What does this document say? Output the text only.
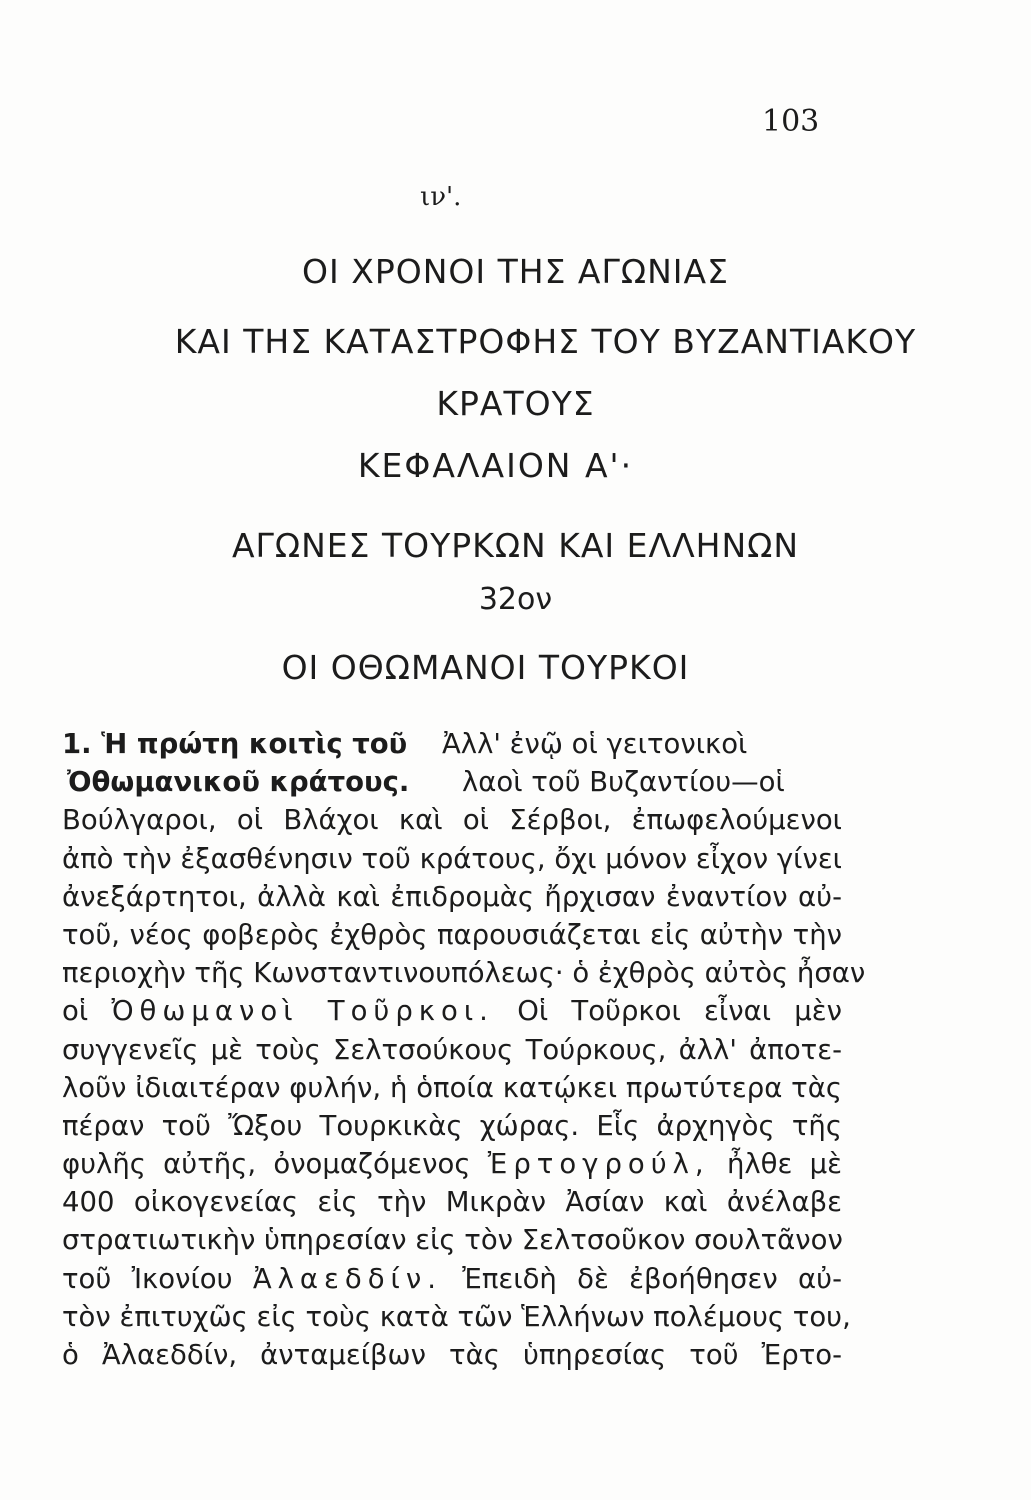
103
ιν'.
ΟΙ ΧΡΟΝΟΙ ΤΗΣ ΑΓΩΝΙΑΣ
ΚΑΙ ΤΗΣ ΚΑΤΑΣΤΡΟΦΗΣ ΤΟΥ ΒΥΖΑΝΤΙΑΚΟΥ
ΚΡΑΤΟΥΣ
ΚΕΦΑΛΑΙΟΝ Α'·
ΑΓΩΝΕΣ ΤΟΥΡΚΩΝ ΚΑΙ ΕΛΛΗΝΩΝ
32ον
ΟΙ ΟΘΩΜΑΝΟΙ ΤΟΥΡΚΟΙ
1. Ἡ πρώτη κοιτὶς τοῦ Ἀλλ' ἐνῷ οἱ γειτονικοὶ
Ὀθωμανικοῦ κράτους. λαοὶ τοῦ Βυζαντίου—οἱ
Βούλγαροι, οἱ Βλάχοι καὶ οἱ Σέρβοι, ἐπωφελούμενοι
ἀπὸ τὴν ἐξασθένησιν τοῦ κράτους, ὄχι μόνον εἶχον γίνει
ἀνεξάρτητοι, ἀλλὰ καὶ ἐπιδρομὰς ἤρχισαν ἐναντίον αὐ-
τοῦ, νέος φοβερὸς ἐχθρὸς παρουσιάζεται εἰς αὐτὴν τὴν
περιοχὴν τῆς Κωνσταντινουπόλεως· ὁ ἐχθρὸς αὐτὸς ἦσαν
οἱ Ὀθωμανοὶ Τοῦρκοι. Οἱ Τοῦρκοι εἶναι μὲν
συγγενεῖς μὲ τοὺς Σελτσούκους Τούρκους, ἀλλ' ἀποτε-
λοῦν ἰδιαιτέραν φυλήν, ἡ ὁποία κατῴκει πρωτύτερα τὰς
πέραν τοῦ Ὤξου Τουρκικὰς χώρας. Εἷς ἀρχηγὸς τῆς
φυλῆς αὐτῆς, ὀνομαζόμενος Ἐρτογρούλ, ἦλθε μὲ
400 οἰκογενείας εἰς τὴν Μικρὰν Ἀσίαν καὶ ἀνέλαβε
στρατιωτικὴν ὑπηρεσίαν εἰς τὸν Σελτσοῦκον σουλτᾶνον
τοῦ Ἰκονίου Ἀλαεδδίν. Ἐπειδὴ δὲ ἐβοήθησεν αὐ-
τὸν ἐπιτυχῶς εἰς τοὺς κατὰ τῶν Ἑλλήνων πολέμους του,
ὁ Ἀλαεδδίν, ἀνταμείβων τὰς ὑπηρεσίας τοῦ Ἐρτο-
